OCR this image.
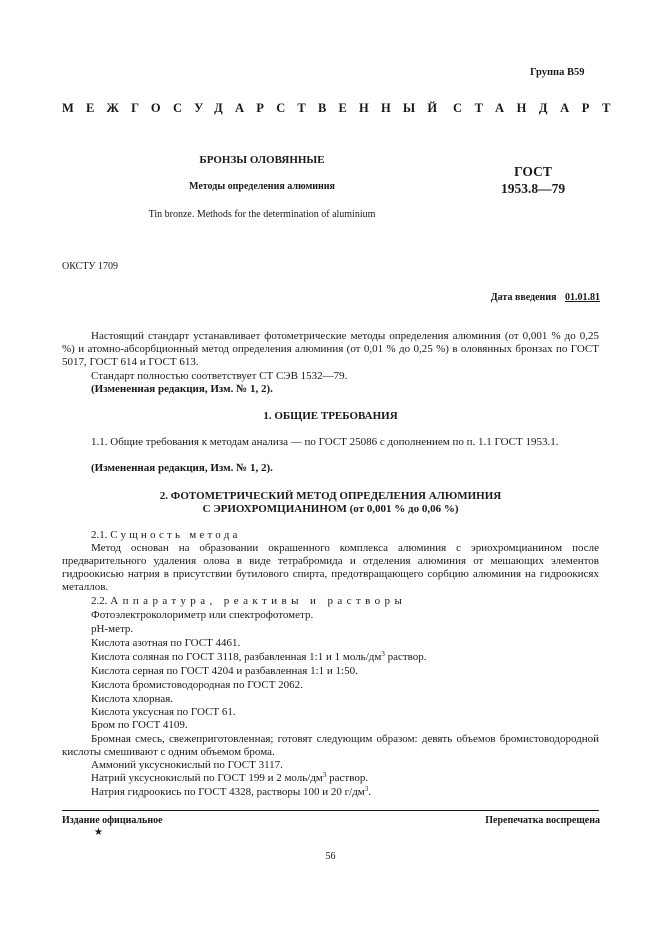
Группа В59
МЕЖГОСУДАРСТВЕННЫЙ СТАНДАРТ
БРОНЗЫ ОЛОВЯННЫЕ
Методы определения алюминия
Tin bronze. Methods for the determination of aluminium
ГОСТ
1953.8—79
ОКСТУ 1709
Дата введения 01.01.81
Настоящий стандарт устанавливает фотометрические методы определения алюминия (от 0,001 % до 0,25 %) и атомно-абсорбционный метод определения алюминия (от 0,01 % до 0,25 %) в оловянных бронзах по ГОСТ 5017, ГОСТ 614 и ГОСТ 613.
Стандарт полностью соответствует СТ СЭВ 1532—79.
(Измененная редакция, Изм. № 1, 2).
1. ОБЩИЕ ТРЕБОВАНИЯ
1.1. Общие требования к методам анализа — по ГОСТ 25086 с дополнением по п. 1.1 ГОСТ 1953.1.
(Измененная редакция, Изм. № 1, 2).
2. ФОТОМЕТРИЧЕСКИЙ МЕТОД ОПРЕДЕЛЕНИЯ АЛЮМИНИЯ
С ЭРИОХРОМЦИАНИНОМ (от 0,001 % до 0,06 %)
2.1. Сущность метода
Метод основан на образовании окрашенного комплекса алюминия с эриохромцианином после предварительного удаления олова в виде тетрабромида и отделения алюминия от мешающих элементов гидроокисью натрия в присутствии бутилового спирта, предотвращающего сорбцию алюминия на гидроокисях металлов.
2.2. Аппаратура, реактивы и растворы
Фотоэлектроколориметр или спектрофотометр.
pH-метр.
Кислота азотная по ГОСТ 4461.
Кислота соляная по ГОСТ 3118, разбавленная 1:1 и 1 моль/$дм^3$ раствор.
Кислота серная по ГОСТ 4204 и разбавленная 1:1 и 1:50.
Кислота бромистоводородная по ГОСТ 2062.
Кислота хлорная.
Кислота уксусная по ГОСТ 61.
Бром по ГОСТ 4109.
Бромная смесь, свежеприготовленная; готовят следующим образом: девять объемов бромистоводородной кислоты смешивают с одним объемом брома.
Аммоний уксуснокислый по ГОСТ 3117.
Натрий уксуснокислый по ГОСТ 199 и 2 моль/$дм^3$ раствор.
Натрия гидроокись по ГОСТ 4328, растворы 100 и 20 $г/дм^3$.
Издание официальное
★
Перепечатка воспрещена
56
